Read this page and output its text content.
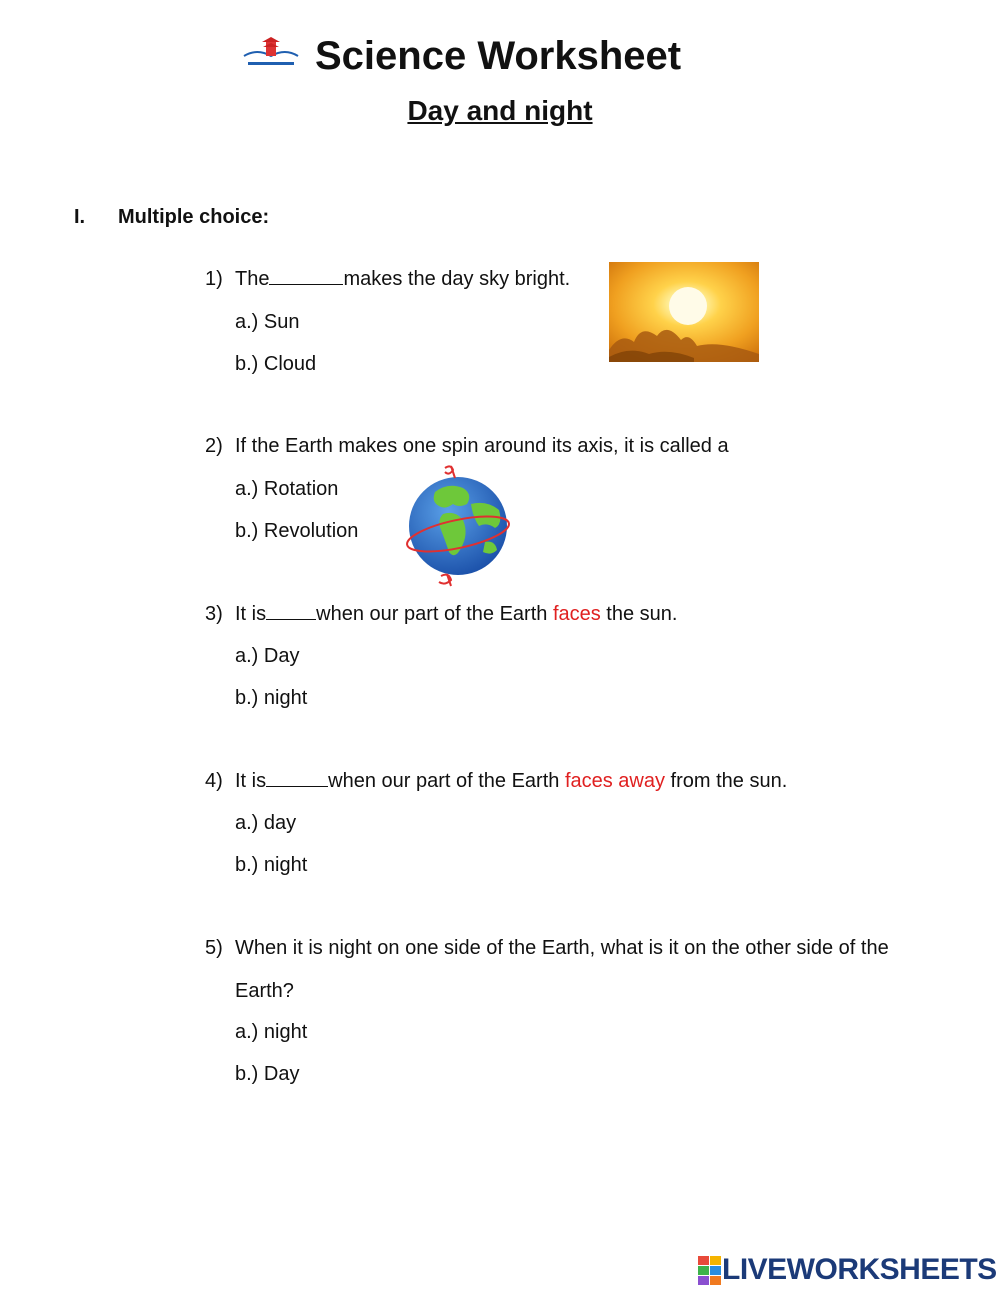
Science Worksheet
Day and night
I. Multiple choice:
1) The	makes the day sky bright.
a.) Sun
b.) Cloud
2) If the Earth makes one spin around its axis, it is called a
a.) Rotation
b.) Revolution
3) It is	when our part of the Earth faces the sun.
a.) Day
b.) night
4) It is	when our part of the Earth faces away from the sun.
a.) day
b.) night
5) When it is night on one side of the Earth, what is it on the other side of the
Earth?
a.) night
b.) Day
LIVEWORKSHEETS
